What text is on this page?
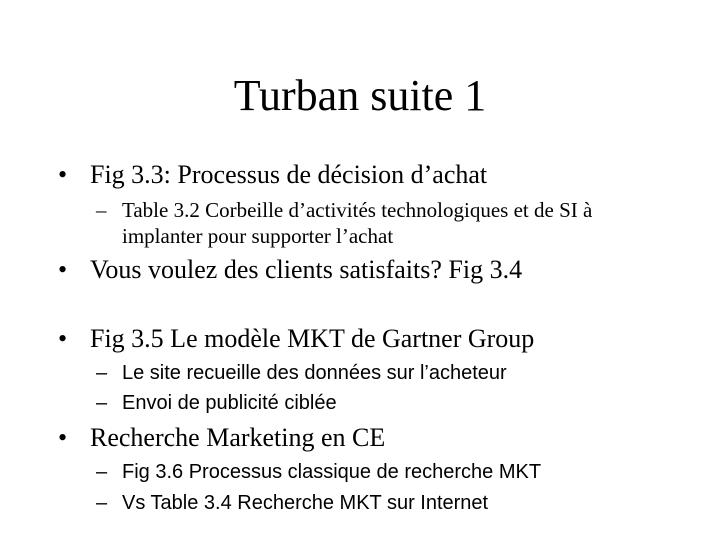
Turban suite 1
• Fig 3.3: Processus de décision d’achat
– Table 3.2 Corbeille d’activités technologiques et de SI à
implanter pour supporter l’achat
• Vous voulez des clients satisfaits? Fig 3.4
• Fig 3.5 Le modèle MKT de Gartner Group
– Le site recueille des données sur l’acheteur
– Envoi de publicité ciblée
• Recherche Marketing en CE
– Fig 3.6 Processus classique de recherche MKT
– Vs Table 3.4 Recherche MKT sur Internet
